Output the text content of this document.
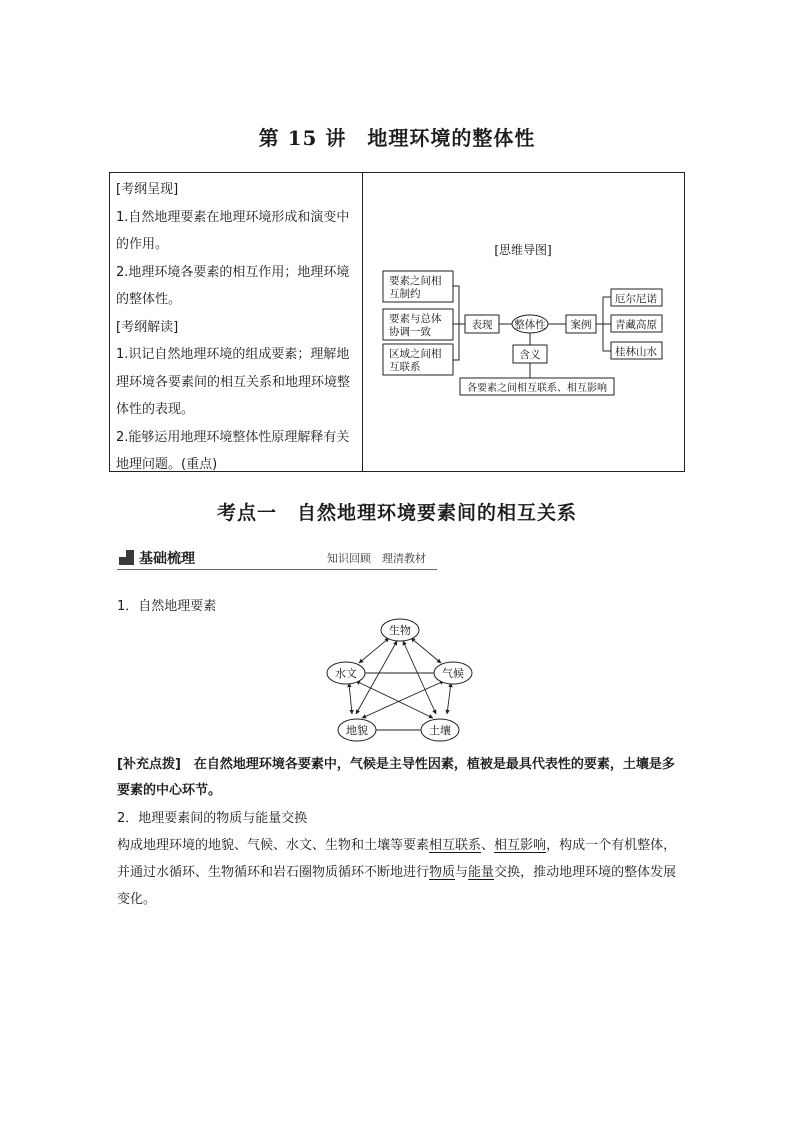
第 15 讲　地理环境的整体性

[考纲呈现]

1.自然地理要素在地理环境形成和演变中的作用。

2.地理环境各要素的相互作用；地理环境的整体性。

[考纲解读]

1.识记自然地理环境的组成要素；理解地理环境各要素间的相互关系和地理环境整体性的表现。

2.能够运用地理环境整体性原理解释有关地理问题。(重点)

[思维导图]
要素之间相
互制约
要素与总体
协调一致
区域之间相
互联系
表现 整体性 案例
含义
各要素之间相互联系、相互影响
厄尔尼诺
青藏高原
桂林山水
考点一　自然地理环境要素间的相互关系
基础梳理	知识回顾　理清教材
1．自然地理要素
生物
水文	气候
地貌	土壤
[补充点拨]　在自然地理环境各要素中，气候是主导性因素，植被是最具代表性的要素，土壤是多要素的中心环节。
2．地理要素间的物质与能量交换
构成地理环境的地貌、气候、水文、生物和土壤等要素相互联系、相互影响，构成一个有机整体，并通过水循环、生物循环和岩石圈物质循环不断地进行物质与能量交换，推动地理环境的整体发展变化。
